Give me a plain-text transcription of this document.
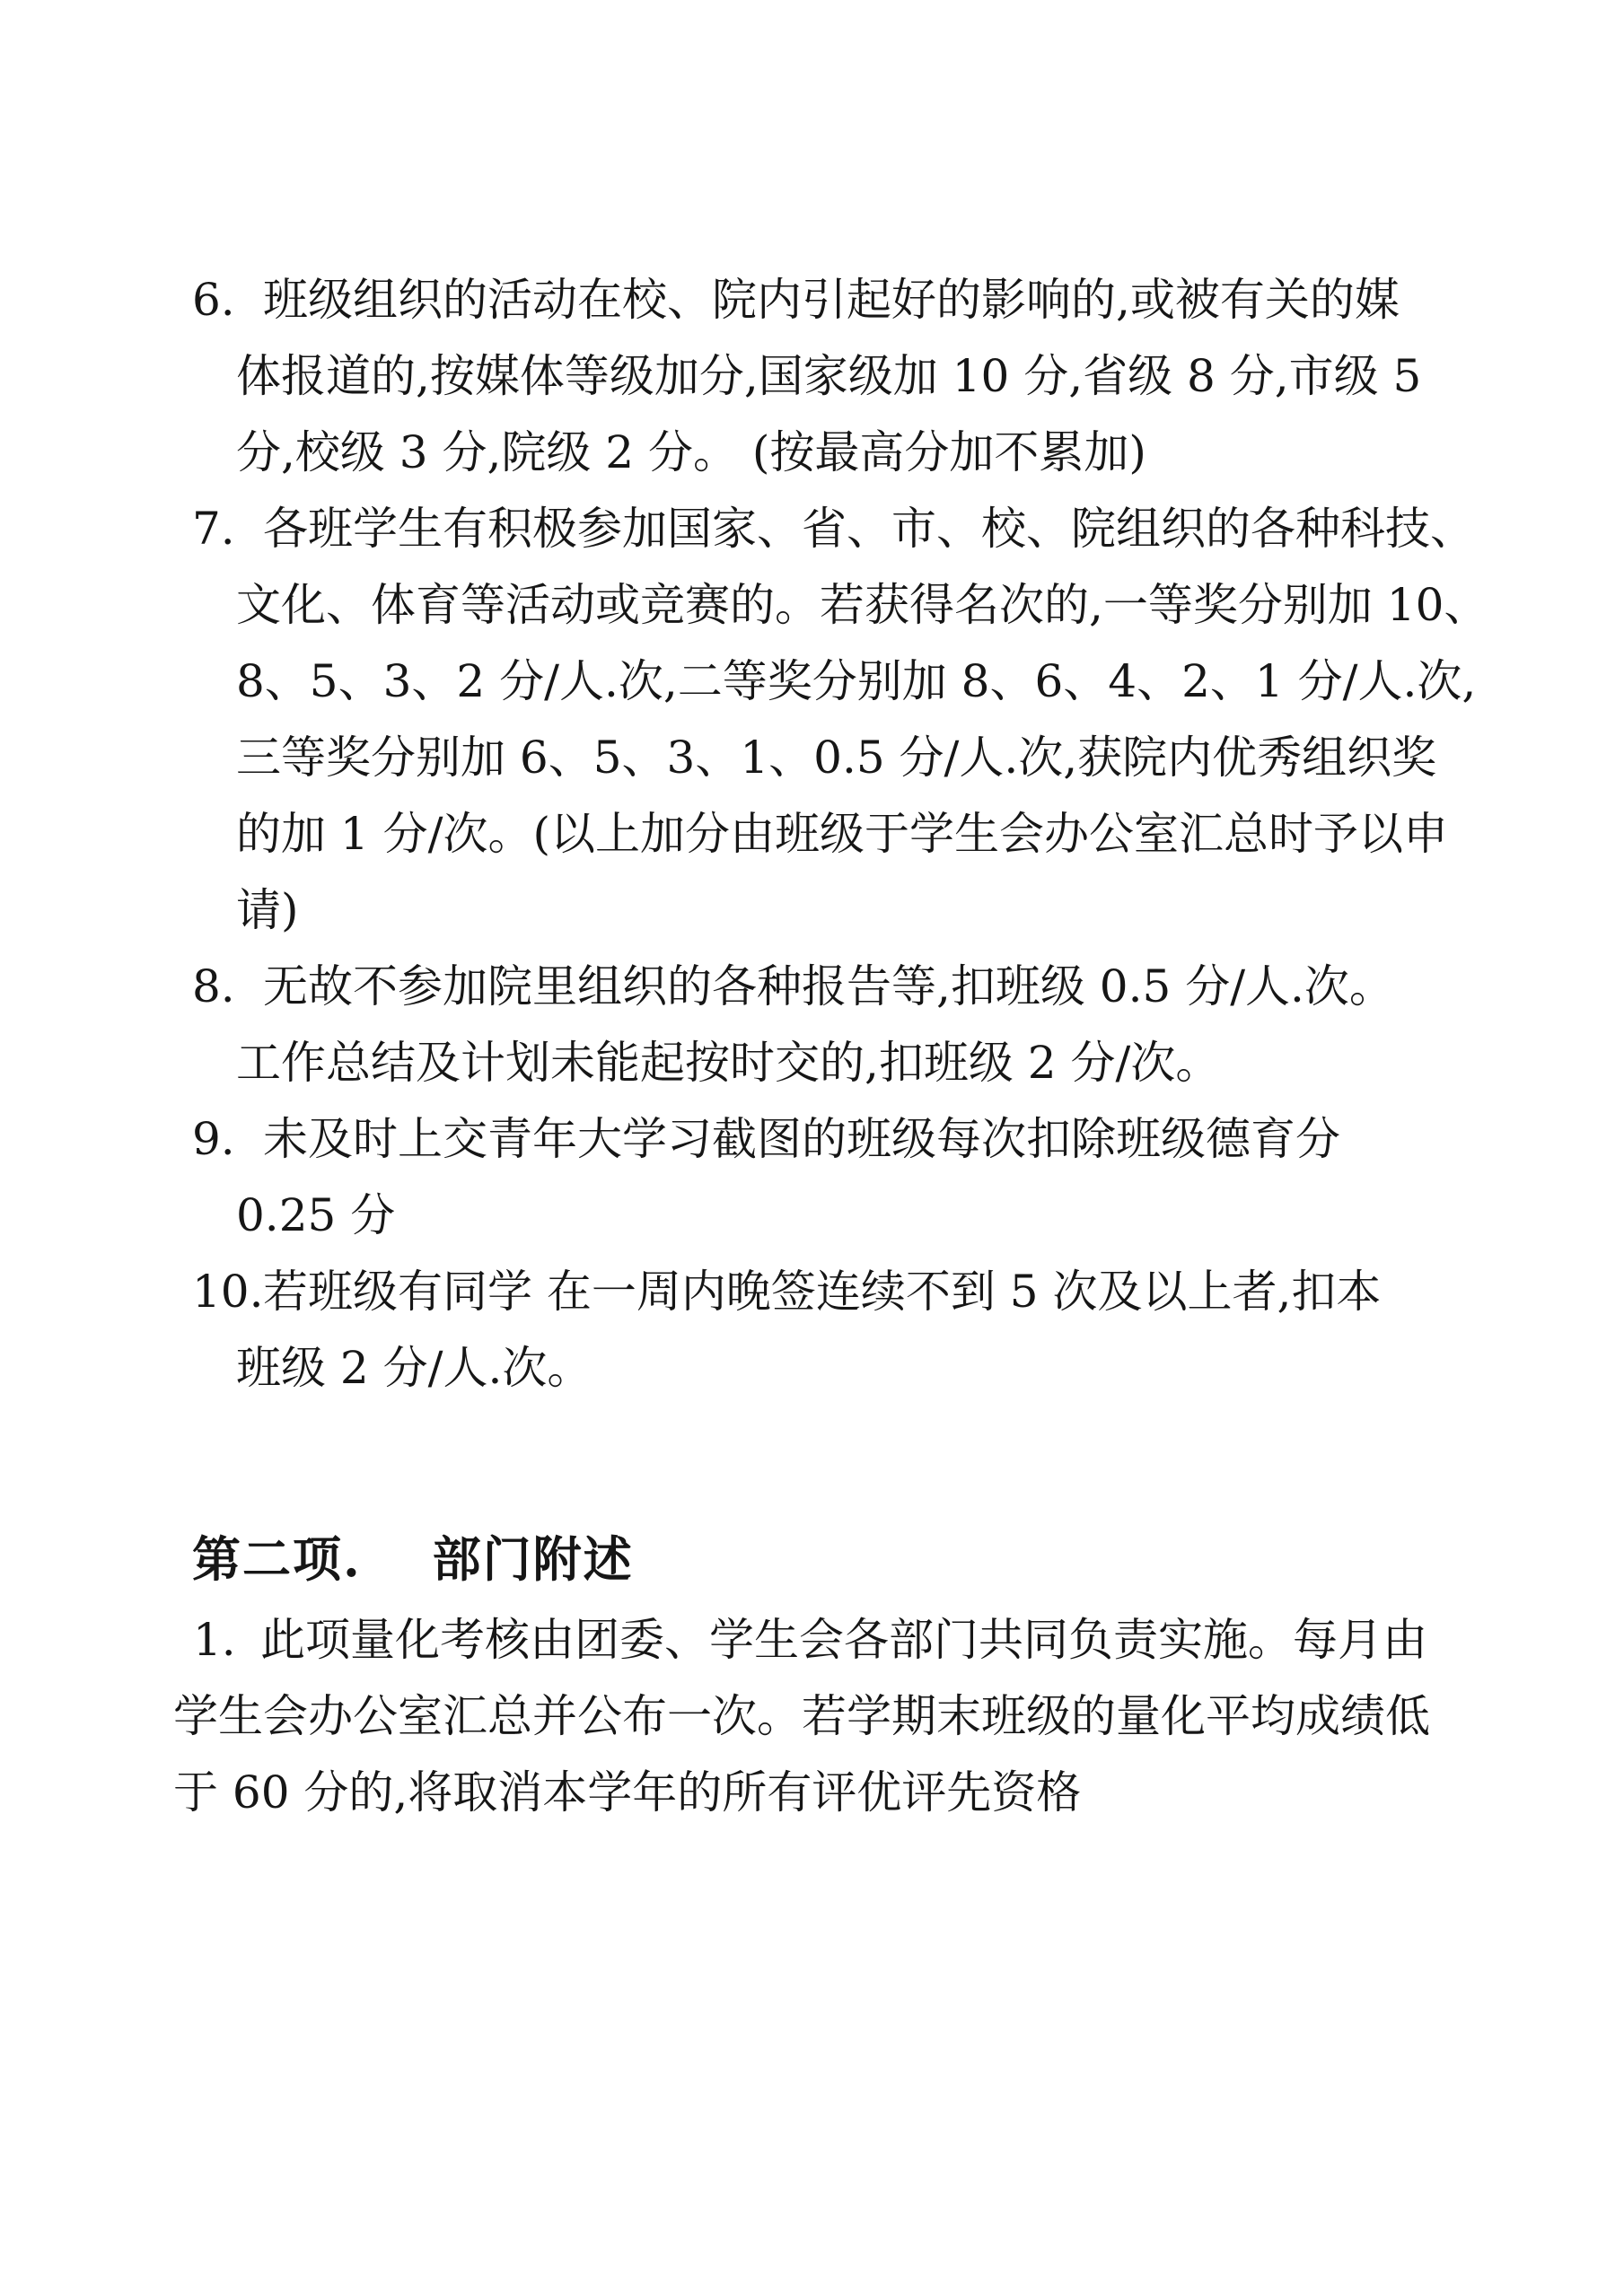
6. 班级组织的活动在校、院内引起好的影响的,或被有关的媒
体报道的,按媒体等级加分,国家级加 10 分,省级 8 分,市级 5
分,校级 3 分,院级 2 分。 (按最高分加不累加)
7. 各班学生有积极参加国家、省、市、校、院组织的各种科技、
文化、体育等活动或竞赛的。若获得名次的,一等奖分别加 10、
8、5、3、2 分/人.次,二等奖分别加 8、6、4、2、1 分/人.次,
三等奖分别加 6、5、3、1、0.5 分/人.次,获院内优秀组织奖
的加 1 分/次。(以上加分由班级于学生会办公室汇总时予以申
请)
8. 无故不参加院里组织的各种报告等,扣班级 0.5 分/人.次。
工作总结及计划未能起按时交的,扣班级 2 分/次。
9. 未及时上交青年大学习截图的班级每次扣除班级德育分
0.25 分
10. 若班级有同学 在一周内晚签连续不到 5 次及以上者,扣本
班级 2 分/人.次。
第二项. 部门附述
1. 此项量化考核由团委、学生会各部门共同负责实施。每月由
学生会办公室汇总并公布一次。若学期末班级的量化平均成绩低
于 60 分的,将取消本学年的所有评优评先资格
